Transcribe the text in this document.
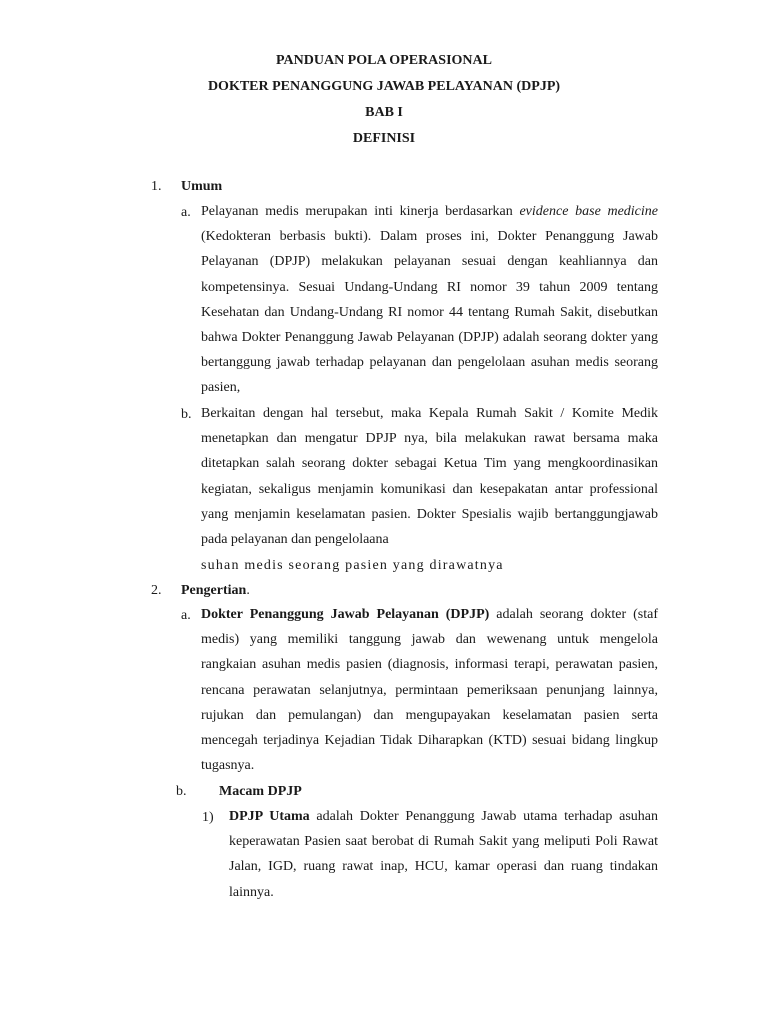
PANDUAN POLA OPERASIONAL
DOKTER PENANGGUNG JAWAB PELAYANAN (DPJP)
BAB I
DEFINISI
1. Umum
a. Pelayanan medis merupakan inti kinerja berdasarkan evidence base medicine (Kedokteran berbasis bukti). Dalam proses ini, Dokter Penanggung Jawab Pelayanan (DPJP) melakukan pelayanan sesuai dengan keahliannya dan kompetensinya. Sesuai Undang-Undang RI nomor 39 tahun 2009 tentang Kesehatan dan Undang-Undang RI nomor 44 tentang Rumah Sakit, disebutkan bahwa Dokter Penanggung Jawab Pelayanan (DPJP) adalah seorang dokter yang bertanggung jawab terhadap pelayanan dan pengelolaan asuhan medis seorang pasien,

b. Berkaitan dengan hal tersebut, maka Kepala Rumah Sakit / Komite Medik menetapkan dan mengatur DPJP nya, bila melakukan rawat bersama maka ditetapkan salah seorang dokter sebagai Ketua Tim yang mengkoordinasikan kegiatan, sekaligus menjamin komunikasi dan kesepakatan antar professional yang menjamin keselamatan pasien. Dokter Spesialis wajib bertanggungjawab pada pelayanan dan pengelolaana

suhan medis seorang pasien yang dirawatnya
2. Pengertian.
a. Dokter Penanggung Jawab Pelayanan (DPJP) adalah seorang dokter (staf medis) yang memiliki tanggung jawab dan wewenang untuk mengelola rangkaian asuhan medis pasien (diagnosis, informasi terapi, perawatan pasien, rencana perawatan selanjutnya, permintaan pemeriksaan penunjang lainnya, rujukan dan pemulangan) dan mengupayakan keselamatan pasien serta mencegah terjadinya Kejadian Tidak Diharapkan (KTD) sesuai bidang lingkup tugasnya.

b. Macam DPJP
1) DPJP Utama adalah Dokter Penanggung Jawab utama terhadap asuhan keperawatan Pasien saat berobat di Rumah Sakit yang meliputi Poli Rawat Jalan, IGD, ruang rawat inap, HCU, kamar operasi dan ruang tindakan lainnya.
